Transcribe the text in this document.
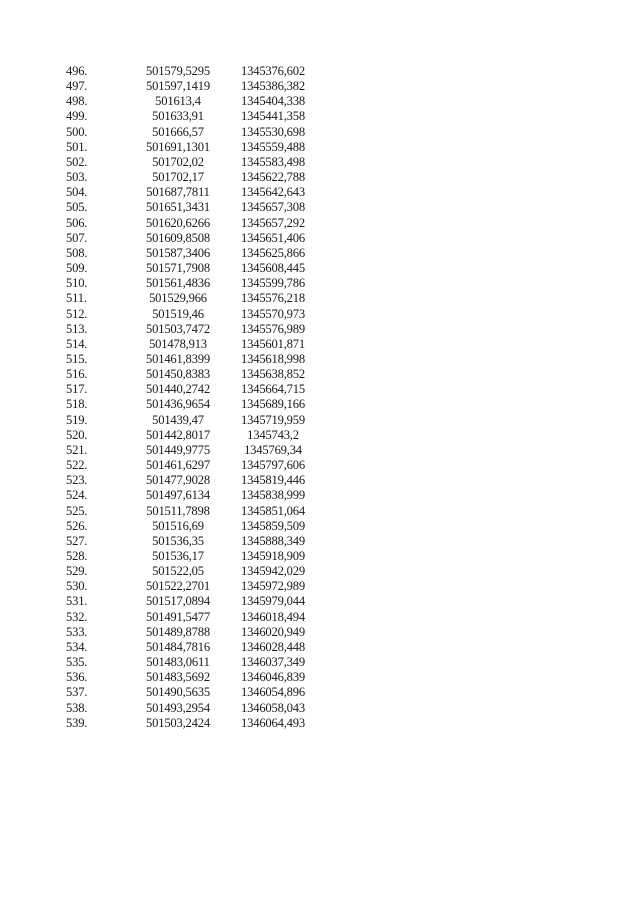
496.	501579,5295	1345376,602
497.	501597,1419	1345386,382
498.	501613,4	1345404,338
499.	501633,91	1345441,358
500.	501666,57	1345530,698
501.	501691,1301	1345559,488
502.	501702,02	1345583,498
503.	501702,17	1345622,788
504.	501687,7811	1345642,643
505.	501651,3431	1345657,308
506.	501620,6266	1345657,292
507.	501609,8508	1345651,406
508.	501587,3406	1345625,866
509.	501571,7908	1345608,445
510.	501561,4836	1345599,786
511.	501529,966	1345576,218
512.	501519,46	1345570,973
513.	501503,7472	1345576,989
514.	501478,913	1345601,871
515.	501461,8399	1345618,998
516.	501450,8383	1345638,852
517.	501440,2742	1345664,715
518.	501436,9654	1345689,166
519.	501439,47	1345719,959
520.	501442,8017	1345743,2
521.	501449,9775	1345769,34
522.	501461,6297	1345797,606
523.	501477,9028	1345819,446
524.	501497,6134	1345838,999
525.	501511,7898	1345851,064
526.	501516,69	1345859,509
527.	501536,35	1345888,349
528.	501536,17	1345918,909
529.	501522,05	1345942,029
530.	501522,2701	1345972,989
531.	501517,0894	1345979,044
532.	501491,5477	1346018,494
533.	501489,8788	1346020,949
534.	501484,7816	1346028,448
535.	501483,0611	1346037,349
536.	501483,5692	1346046,839
537.	501490,5635	1346054,896
538.	501493,2954	1346058,043
539.	501503,2424	1346064,493
